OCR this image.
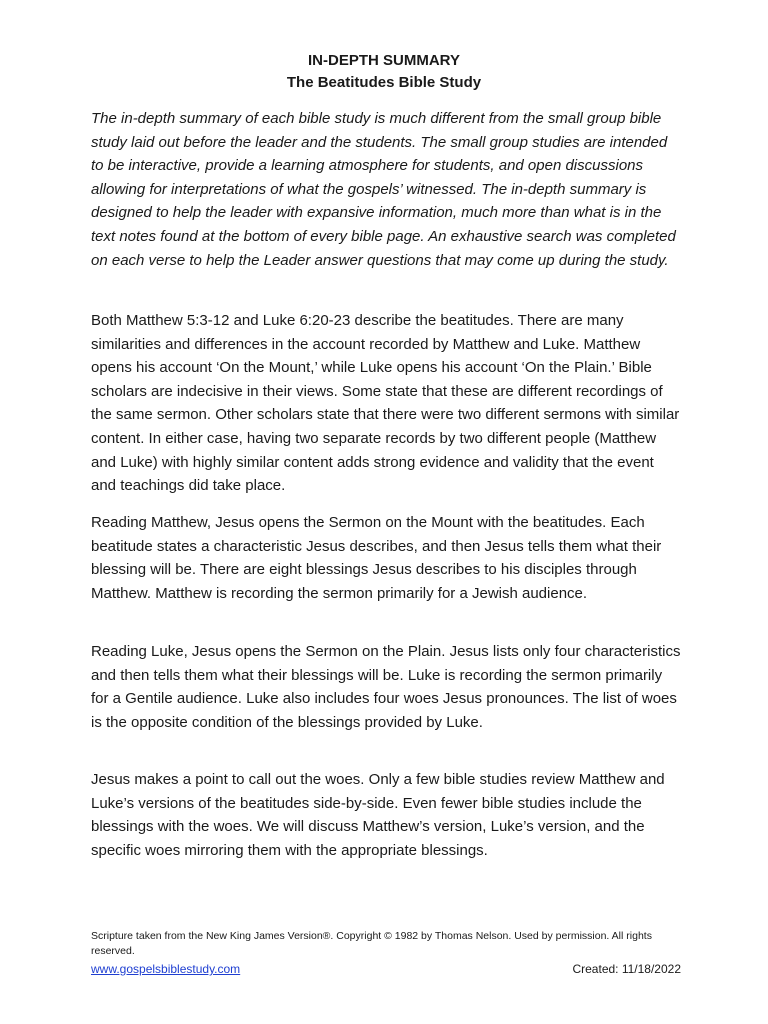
IN-DEPTH SUMMARY
The Beatitudes Bible Study

The in-depth summary of each bible study is much different from the small group bible study laid out before the leader and the students. The small group studies are intended to be interactive, provide a learning atmosphere for students, and open discussions allowing for interpretations of what the gospels’ witnessed. The in-depth summary is designed to help the leader with expansive information, much more than what is in the text notes found at the bottom of every bible page. An exhaustive search was completed on each verse to help the Leader answer questions that may come up during the study.

Both Matthew 5:3-12 and Luke 6:20-23 describe the beatitudes. There are many similarities and differences in the account recorded by Matthew and Luke. Matthew opens his account ‘On the Mount,’ while Luke opens his account ‘On the Plain.’ Bible scholars are indecisive in their views. Some state that these are different recordings of the same sermon. Other scholars state that there were two different sermons with similar content. In either case, having two separate records by two different people (Matthew and Luke) with highly similar content adds strong evidence and validity that the event and teachings did take place.

Reading Matthew, Jesus opens the Sermon on the Mount with the beatitudes. Each beatitude states a characteristic Jesus describes, and then Jesus tells them what their blessing will be. There are eight blessings Jesus describes to his disciples through Matthew. Matthew is recording the sermon primarily for a Jewish audience.

Reading Luke, Jesus opens the Sermon on the Plain. Jesus lists only four characteristics and then tells them what their blessings will be. Luke is recording the sermon primarily for a Gentile audience. Luke also includes four woes Jesus pronounces. The list of woes is the opposite condition of the blessings provided by Luke.

Jesus makes a point to call out the woes. Only a few bible studies review Matthew and Luke’s versions of the beatitudes side-by-side. Even fewer bible studies include the blessings with the woes. We will discuss Matthew’s version, Luke’s version, and the specific woes mirroring them with the appropriate blessings.

Scripture taken from the New King James Version®. Copyright © 1982 by Thomas Nelson. Used by permission. All rights reserved.
www.gospelsbiblestudy.com	Created: 11/18/2022
